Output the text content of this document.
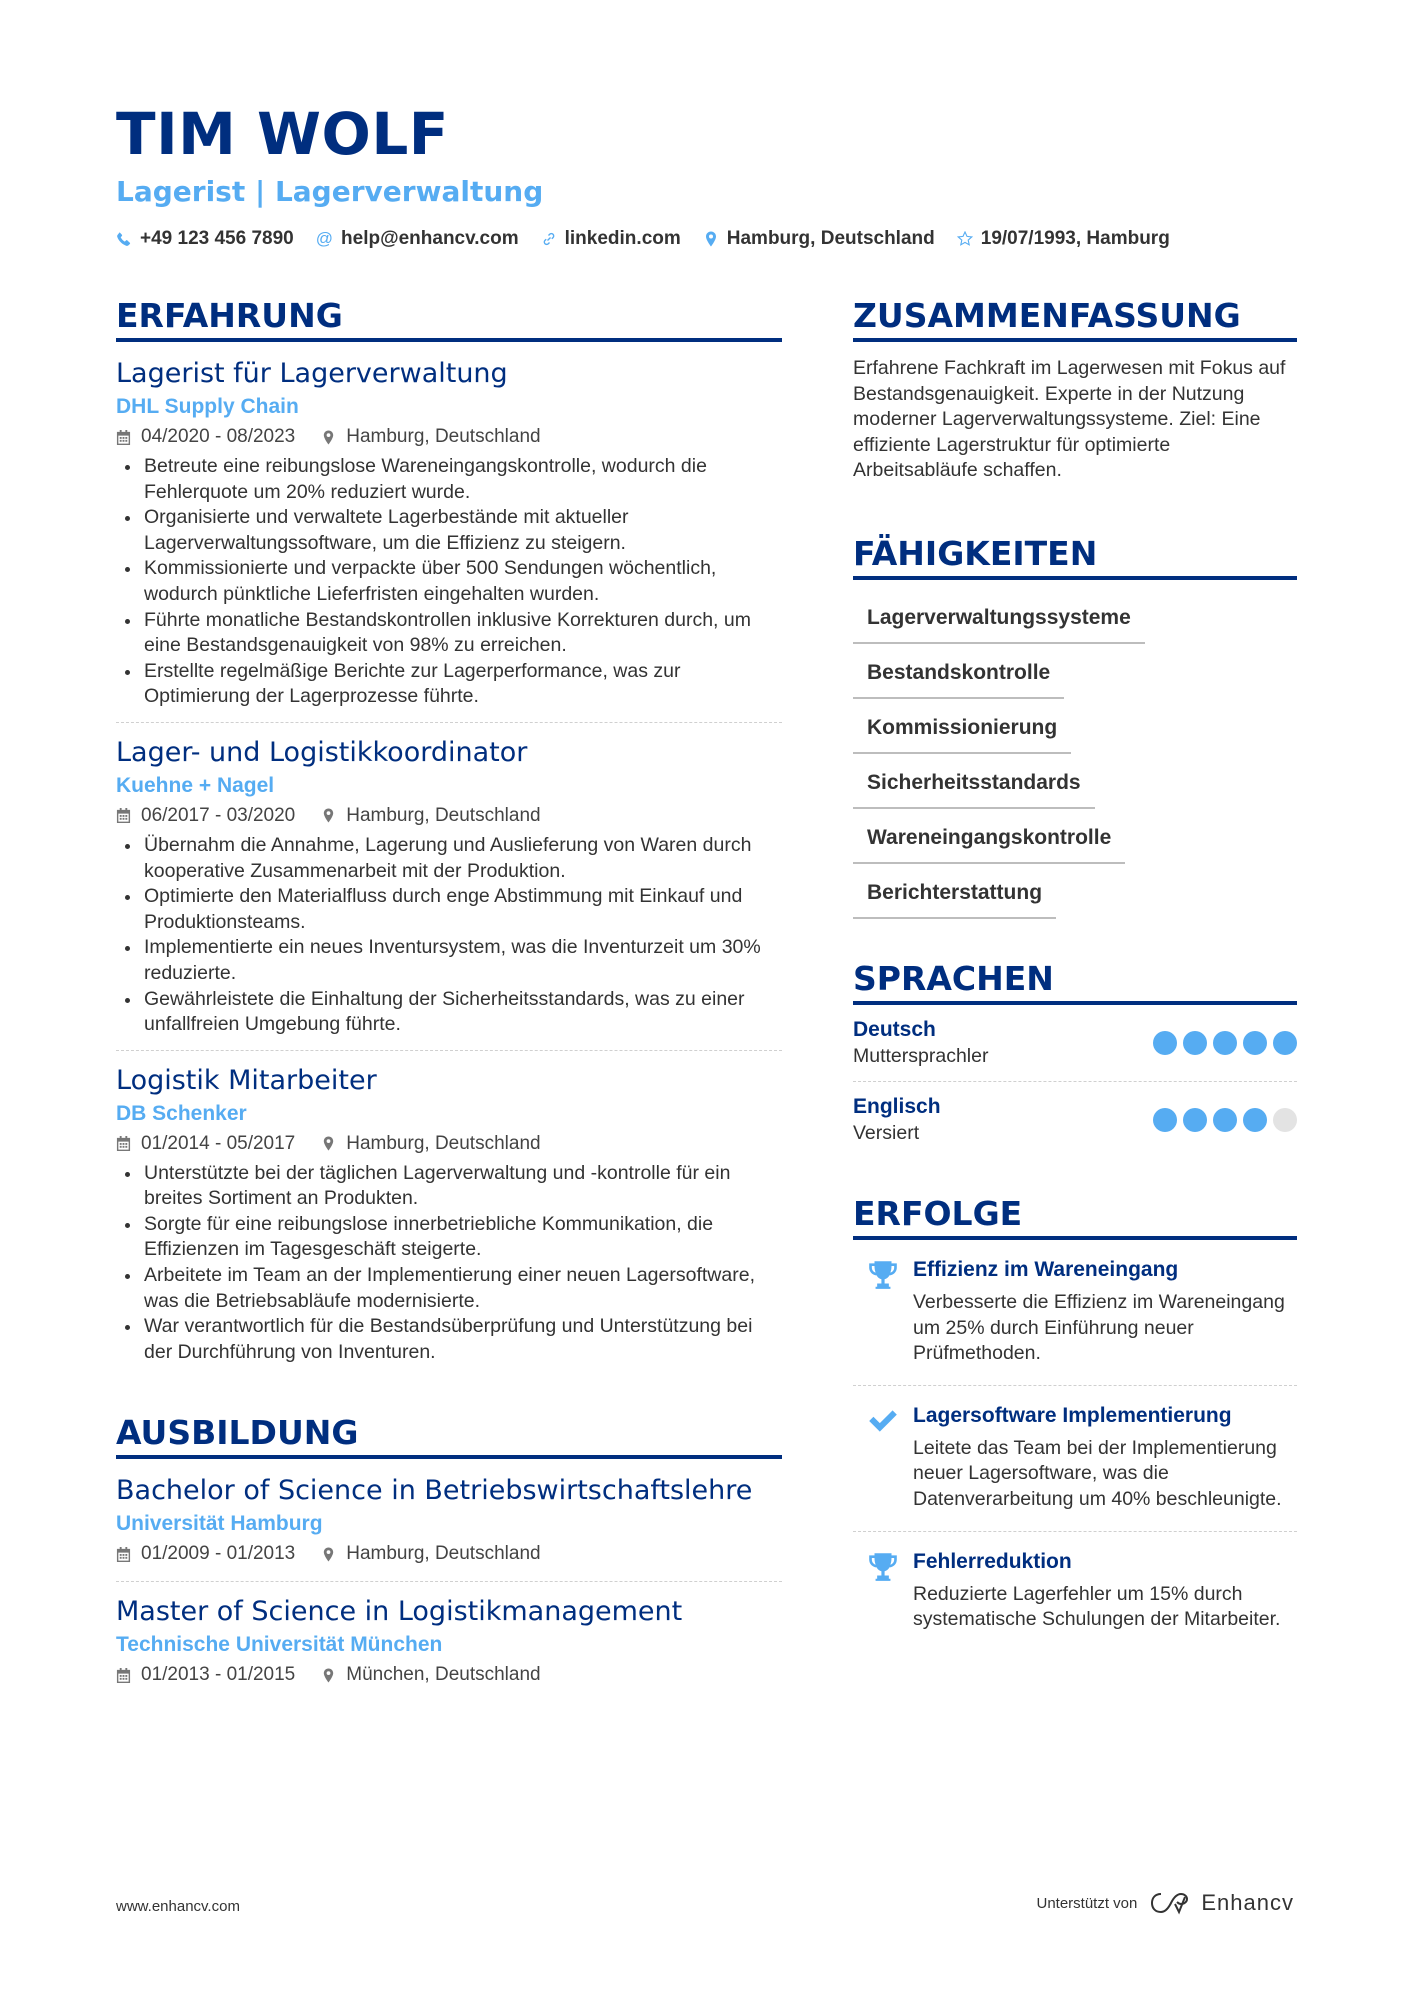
TIM WOLF
Lagerist | Lagerverwaltung
+49 123 456 7890 @ help@enhancv.com linkedin.com Hamburg, Deutschland 19/07/1993, Hamburg
ERFAHRUNG
Lagerist für Lagerverwaltung
DHL Supply Chain
04/2020 - 08/2023	Hamburg, Deutschland
Betreute eine reibungslose Wareneingangskontrolle, wodurch die Fehlerquote um 20% reduziert wurde.
Organisierte und verwaltete Lagerbestände mit aktueller Lagerverwaltungssoftware, um die Effizienz zu steigern.
Kommissionierte und verpackte über 500 Sendungen wöchentlich, wodurch pünktliche Lieferfristen eingehalten wurden.
Führte monatliche Bestandskontrollen inklusive Korrekturen durch, um eine Bestandsgenauigkeit von 98% zu erreichen.
Erstellte regelmäßige Berichte zur Lagerperformance, was zur Optimierung der Lagerprozesse führte.
Lager- und Logistikkoordinator
Kuehne + Nagel
06/2017 - 03/2020	Hamburg, Deutschland
Übernahm die Annahme, Lagerung und Auslieferung von Waren durch kooperative Zusammenarbeit mit der Produktion.
Optimierte den Materialfluss durch enge Abstimmung mit Einkauf und Produktionsteams.
Implementierte ein neues Inventursystem, was die Inventurzeit um 30% reduzierte.
Gewährleistete die Einhaltung der Sicherheitsstandards, was zu einer unfallfreien Umgebung führte.
Logistik Mitarbeiter
DB Schenker
01/2014 - 05/2017	Hamburg, Deutschland
Unterstützte bei der täglichen Lagerverwaltung und -kontrolle für ein breites Sortiment an Produkten.
Sorgte für eine reibungslose innerbetriebliche Kommunikation, die Effizienzen im Tagesgeschäft steigerte.
Arbeitete im Team an der Implementierung einer neuen Lagersoftware, was die Betriebsabläufe modernisierte.
War verantwortlich für die Bestandsüberprüfung und Unterstützung bei der Durchführung von Inventuren.
AUSBILDUNG
Bachelor of Science in Betriebswirtschaftslehre
Universität Hamburg
01/2009 - 01/2013	Hamburg, Deutschland
Master of Science in Logistikmanagement
Technische Universität München
01/2013 - 01/2015	München, Deutschland
ZUSAMMENFASSUNG

Erfahrene Fachkraft im Lagerwesen mit Fokus auf Bestandsgenauigkeit. Experte in der Nutzung moderner Lagerverwaltungssysteme. Ziel: Eine effiziente Lagerstruktur für optimierte Arbeitsabläufe schaffen.

FÄHIGKEITEN
Lagerverwaltungssysteme
Bestandskontrolle
Kommissionierung
Sicherheitsstandards
Wareneingangskontrolle
Berichterstattung
SPRACHEN
Deutsch
Muttersprachler
Englisch
Versiert
ERFOLGE
Effizienz im Wareneingang
Verbesserte die Effizienz im Wareneingang um 25% durch Einführung neuer Prüfmethoden.
Lagersoftware Implementierung
Leitete das Team bei der Implementierung neuer Lagersoftware, was die Datenverarbeitung um 40% beschleunigte.
Fehlerreduktion
Reduzierte Lagerfehler um 15% durch systematische Schulungen der Mitarbeiter.
www.enhancv.com	Unterstützt von	Enhancv
